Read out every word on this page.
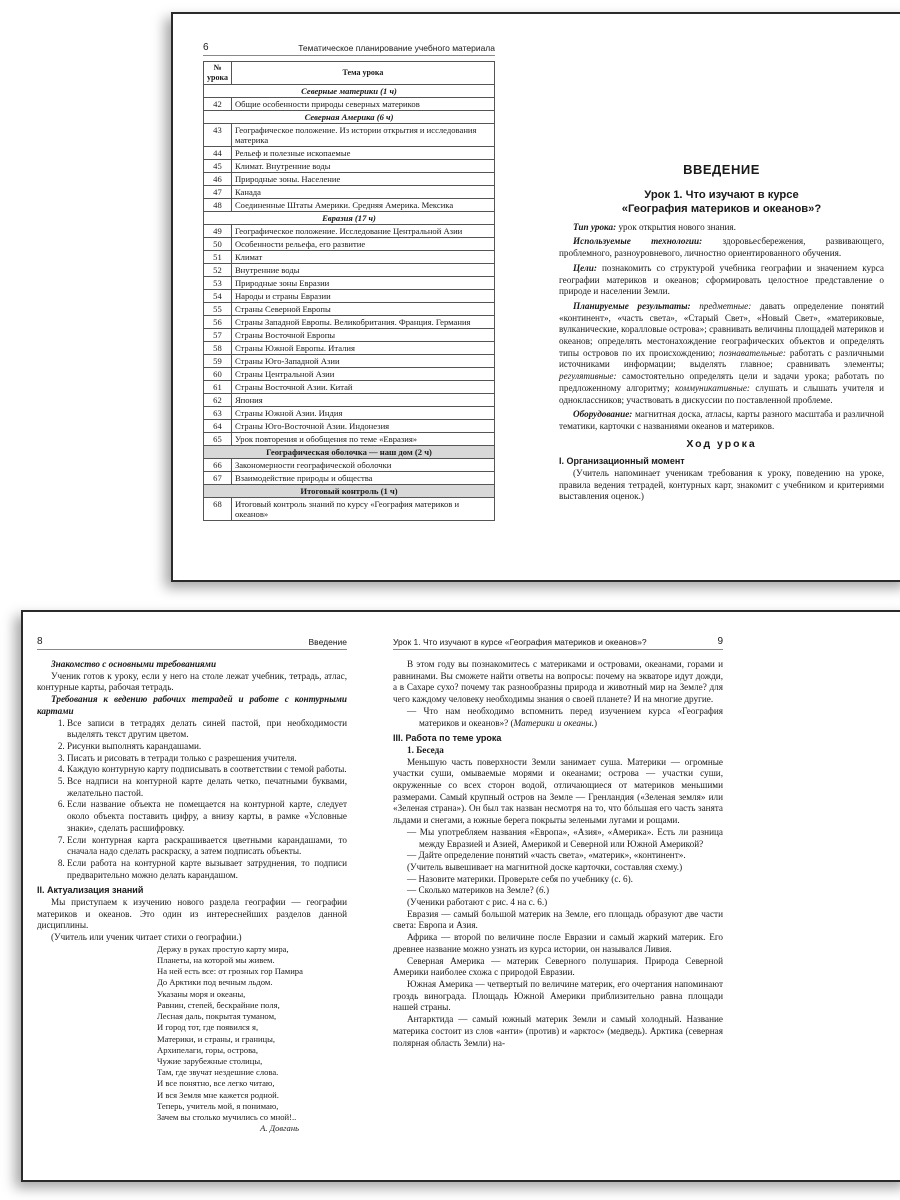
6	Тематическое планирование учебного материала
№ урока	Тема урока
Северные материки (1 ч)	
42	Общие особенности природы северных материков
Северная Америка (6 ч)	
43	Географическое положение. Из истории открытия и исследования материка
44	Рельеф и полезные ископаемые
45	Климат. Внутренние воды
46	Природные зоны. Население
47	Канада
48	Соединенные Штаты Америки. Средняя Америка. Мексика
Евразия (17 ч)	
49	Географическое положение. Исследование Центральной Азии
50	Особенности рельефа, его развитие
51	Климат
52	Внутренние воды
53	Природные зоны Евразии
54	Народы и страны Евразии
55	Страны Северной Европы
56	Страны Западной Европы. Великобритания. Франция. Германия
57	Страны Восточной Европы
58	Страны Южной Европы. Италия
59	Страны Юго-Западной Азии
60	Страны Центральной Азии
61	Страны Восточной Азии. Китай
62	Япония
63	Страны Южной Азии. Индия
64	Страны Юго-Восточной Азии. Индонезия
65	Урок повторения и обобщения по теме «Евразия»
Географическая оболочка — наш дом (2 ч)	
66	Закономерности географической оболочки
67	Взаимодействие природы и общества
Итоговый контроль (1 ч)	
68	Итоговый контроль знаний по курсу «География материков и океанов»

ВВЕДЕНИЕ

Урок 1. Что изучают в курсе
«География материков и океанов»?

Тип урока: урок открытия нового знания.

Используемые технологии: здоровьесбережения, развивающего, проблемного, разноуровневого, личностно ориентированного обучения.

Цели: познакомить со структурой учебника географии и значением курса географии материков и океанов; сформировать целостное представление о природе и населении Земли.

Планируемые результаты: предметные: давать определение понятий «континент», «часть света», «Старый Свет», «Новый Свет», «материковые, вулканические, коралловые острова»; сравнивать величины площадей материков и океанов; определять местонахождение географических объектов и определять типы островов по их происхождению; познавательные: работать с различными источниками информации; выделять главное; сравнивать элементы; регулятивные: самостоятельно определять цели и задачи урока; работать по предложенному алгоритму; коммуникативные: слушать и слышать учителя и одноклассников; участвовать в дискуссии по поставленной проблеме.

Оборудование: магнитная доска, атласы, карты разного масштаба и различной тематики, карточки с названиями океанов и материков.

Ход урока

I. Организационный момент

(Учитель напоминает ученикам требования к уроку, поведению на уроке, правила ведения тетрадей, контурных карт, знакомит с учебником и критериями выставления оценок.)

8	Введение

Знакомство с основными требованиями

Ученик готов к уроку, если у него на столе лежат учебник, тетрадь, атлас, контурные карты, рабочая тетрадь.

Требования к ведению рабочих тетрадей и работе с контурными картами

1. Все записи в тетрадях делать синей пастой, при необходимости выделять текст другим цветом.
2. Рисунки выполнять карандашами.
3. Писать и рисовать в тетради только с разрешения учителя.
4. Каждую контурную карту подписывать в соответствии с темой работы.
5. Все надписи на контурной карте делать четко, печатными буквами, желательно пастой.
6. Если название объекта не помещается на контурной карте, следует около объекта поставить цифру, а внизу карты, в рамке «Условные знаки», сделать расшифровку.
7. Если контурная карта раскрашивается цветными карандашами, то сначала надо сделать раскраску, а затем подписать объекты.
8. Если работа на контурной карте вызывает затруднения, то подписи предварительно можно делать карандашом.

II. Актуализация знаний

Мы приступаем к изучению нового раздела географии — географии материков и океанов. Это один из интереснейших разделов данной дисциплины.

(Учитель или ученик читает стихи о географии.)

Держу в руках простую карту мира,
Планеты, на которой мы живем.
На ней есть все: от грозных гор Памира
До Арктики под вечным льдом.
Указаны моря и океаны,
Равнин, степей, бескрайние поля,
Лесная даль, покрытая туманом,
И город тот, где появился я,
Материки, и страны, и границы,
Архипелаги, горы, острова,
Чужие зарубежные столицы,
Там, где звучат нездешние слова.
И все понятно, все легко читаю,
И вся Земля мне кажется родной.
Теперь, учитель мой, я понимаю,
Зачем вы столько мучились со мной!..
А. Довгань
Урок 1. Что изучают в курсе «География материков и океанов»?	9

В этом году вы познакомитесь с материками и островами, океанами, горами и равнинами. Вы сможете найти ответы на вопросы: почему на экваторе идут дожди, а в Сахаре сухо? почему так разнообразны природа и животный мир на Земле? для чего каждому человеку необходимы знания о своей планете? И на многие другие.

— Что нам необходимо вспомнить перед изучением курса «География материков и океанов»? (Материки и океаны.)

III. Работа по теме урока

1. Беседа

Меньшую часть поверхности Земли занимает суша. Материки — огромные участки суши, омываемые морями и океанами; острова — участки суши, окруженные со всех сторон водой, отличающиеся от материков меньшими размерами. Самый крупный остров на Земле — Гренландия («Зеленая земля» или «Зеленая страна»). Он был так назван несмотря на то, что бóльшая его часть занята льдами и снегами, а южные берега покрыты зелеными лугами и рощами.

— Мы употребляем названия «Европа», «Азия», «Америка». Есть ли разница между Евразией и Азией, Америкой и Северной или Южной Америкой?

— Дайте определение понятий «часть света», «материк», «континент».

(Учитель вывешивает на магнитной доске карточки, составляя схему.)

— Назовите материки. Проверьте себя по учебнику (с. 6).

— Сколько материков на Земле? (6.)

(Ученики работают с рис. 4 на с. 6.)

Евразия — самый большой материк на Земле, его площадь образуют две части света: Европа и Азия.

Африка — второй по величине после Евразии и самый жаркий материк. Его древнее название можно узнать из курса истории, он назывался Ливия.

Северная Америка — материк Северного полушария. Природа Северной Америки наиболее схожа с природой Евразии.

Южная Америка — четвертый по величине материк, его очертания напоминают гроздь винограда. Площадь Южной Америки приблизительно равна площади нашей страны.

Антарктида — самый южный материк Земли и самый холодный. Название материка состоит из слов «анти» (против) и «арктос» (медведь). Арктика (северная полярная область Земли) на-
